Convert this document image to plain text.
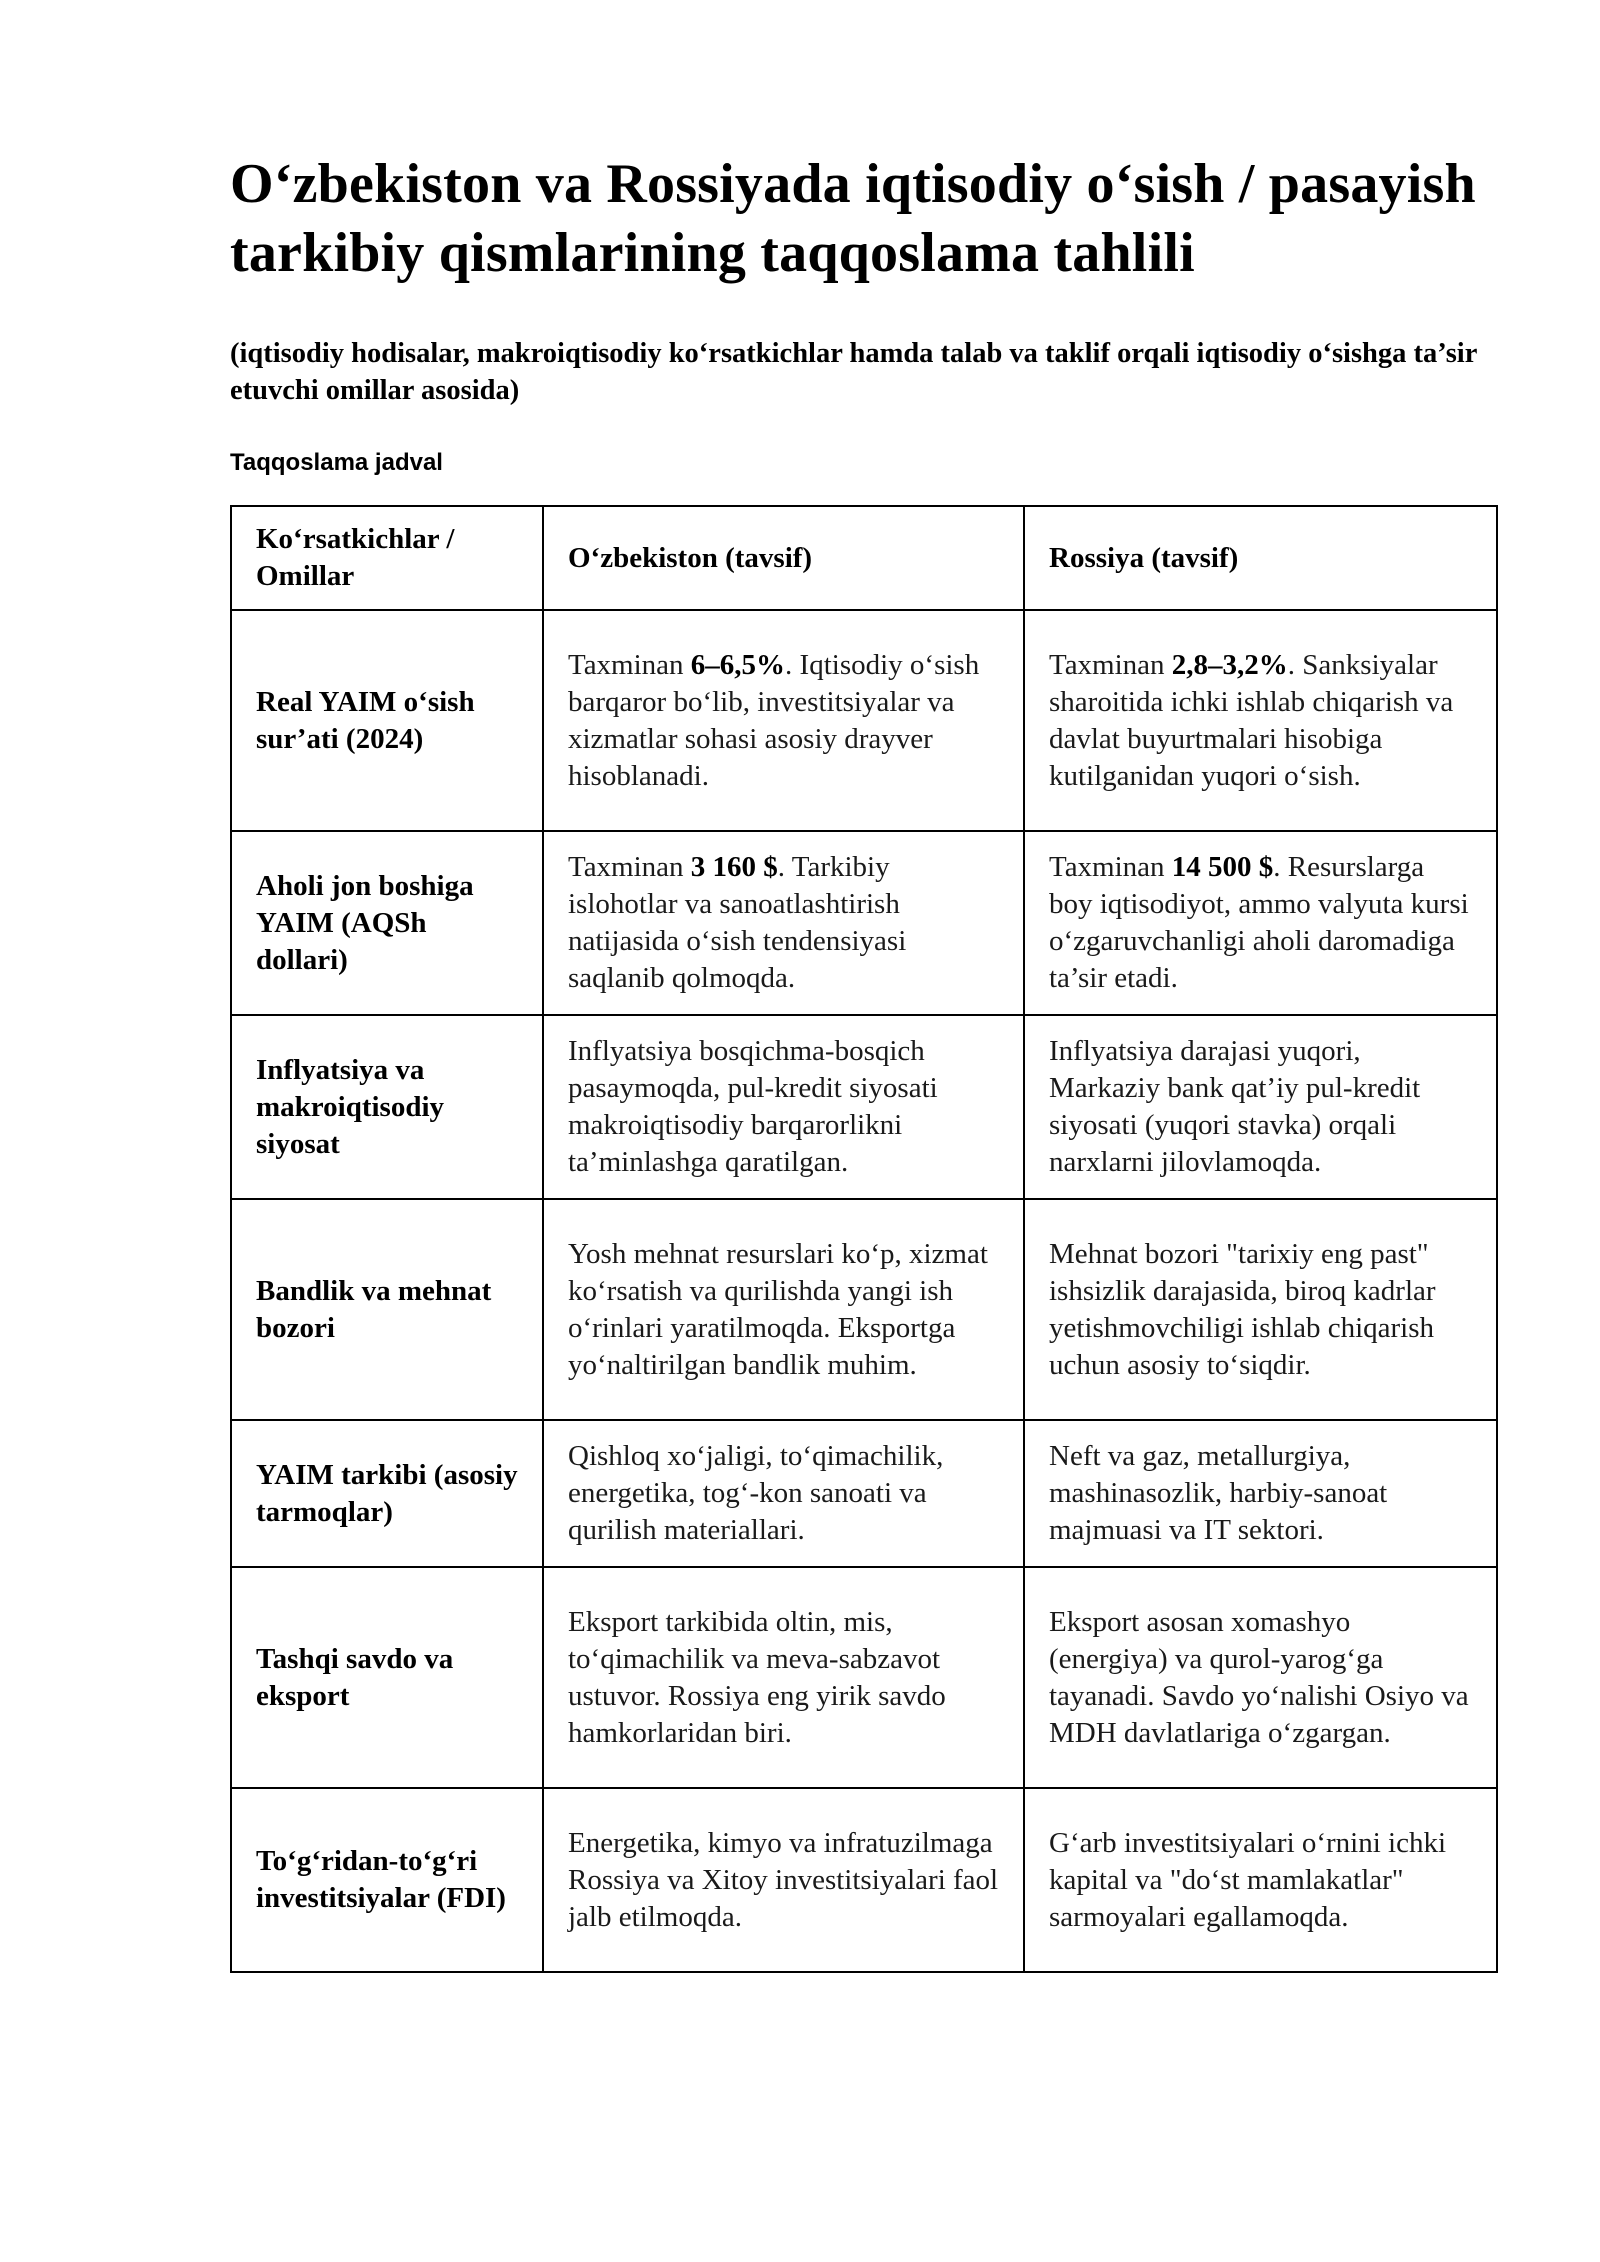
O‘zbekiston va Rossiyada iqtisodiy o‘sish / pasayish tarkibiy qismlarining taqqoslama tahlili

(iqtisodiy hodisalar, makroiqtisodiy ko‘rsatkichlar hamda talab va taklif orqali iqtisodiy o‘sishga ta’sir etuvchi omillar asosida)

Taqqoslama jadval

Ko‘rsatkichlar / Omillar	O‘zbekiston (tavsif)	Rossiya (tavsif)
Real YAIM o‘sish sur’ati (2024)	Taxminan 6–6,5%. Iqtisodiy o‘sish barqaror bo‘lib, investitsiyalar va xizmatlar sohasi asosiy drayver hisoblanadi.	Taxminan 2,8–3,2%. Sanksiyalar sharoitida ichki ishlab chiqarish va davlat buyurtmalari hisobiga kutilganidan yuqori o‘sish.
Aholi jon boshiga YAIM (AQSh dollari)	Taxminan 3 160 $. Tarkibiy islohotlar va sanoatlashtirish natijasida o‘sish tendensiyasi saqlanib qolmoqda.	Taxminan 14 500 $. Resurslarga boy iqtisodiyot, ammo valyuta kursi o‘zgaruvchanligi aholi daromadiga ta’sir etadi.
Inflyatsiya va makroiqtisodiy siyosat	Inflyatsiya bosqichma-bosqich pasaymoqda, pul-kredit siyosati makroiqtisodiy barqarorlikni ta’minlashga qaratilgan.	Inflyatsiya darajasi yuqori, Markaziy bank qat’iy pul-kredit siyosati (yuqori stavka) orqali narxlarni jilovlamoqda.
Bandlik va mehnat bozori	Yosh mehnat resurslari ko‘p, xizmat ko‘rsatish va qurilishda yangi ish o‘rinlari yaratilmoqda. Eksportga yo‘naltirilgan bandlik muhim.	Mehnat bozori "tarixiy eng past" ishsizlik darajasida, biroq kadrlar yetishmovchiligi ishlab chiqarish uchun asosiy to‘siqdir.
YAIM tarkibi (asosiy tarmoqlar)	Qishloq xo‘jaligi, to‘qimachilik, energetika, tog‘-kon sanoati va qurilish materiallari.	Neft va gaz, metallurgiya, mashinasozlik, harbiy-sanoat majmuasi va IT sektori.
Tashqi savdo va eksport	Eksport tarkibida oltin, mis, to‘qimachilik va meva-sabzavot ustuvor. Rossiya eng yirik savdo hamkorlaridan biri.	Eksport asosan xomashyo (energiya) va qurol-yarog‘ga tayanadi. Savdo yo‘nalishi Osiyo va MDH davlatlariga o‘zgargan.
To‘g‘ridan-to‘g‘ri investitsiyalar (FDI)	Energetika, kimyo va infratuzilmaga Rossiya va Xitoy investitsiyalari faol jalb etilmoqda.	G‘arb investitsiyalari o‘rnini ichki kapital va "do‘st mamlakatlar" sarmoyalari egallamoqda.
